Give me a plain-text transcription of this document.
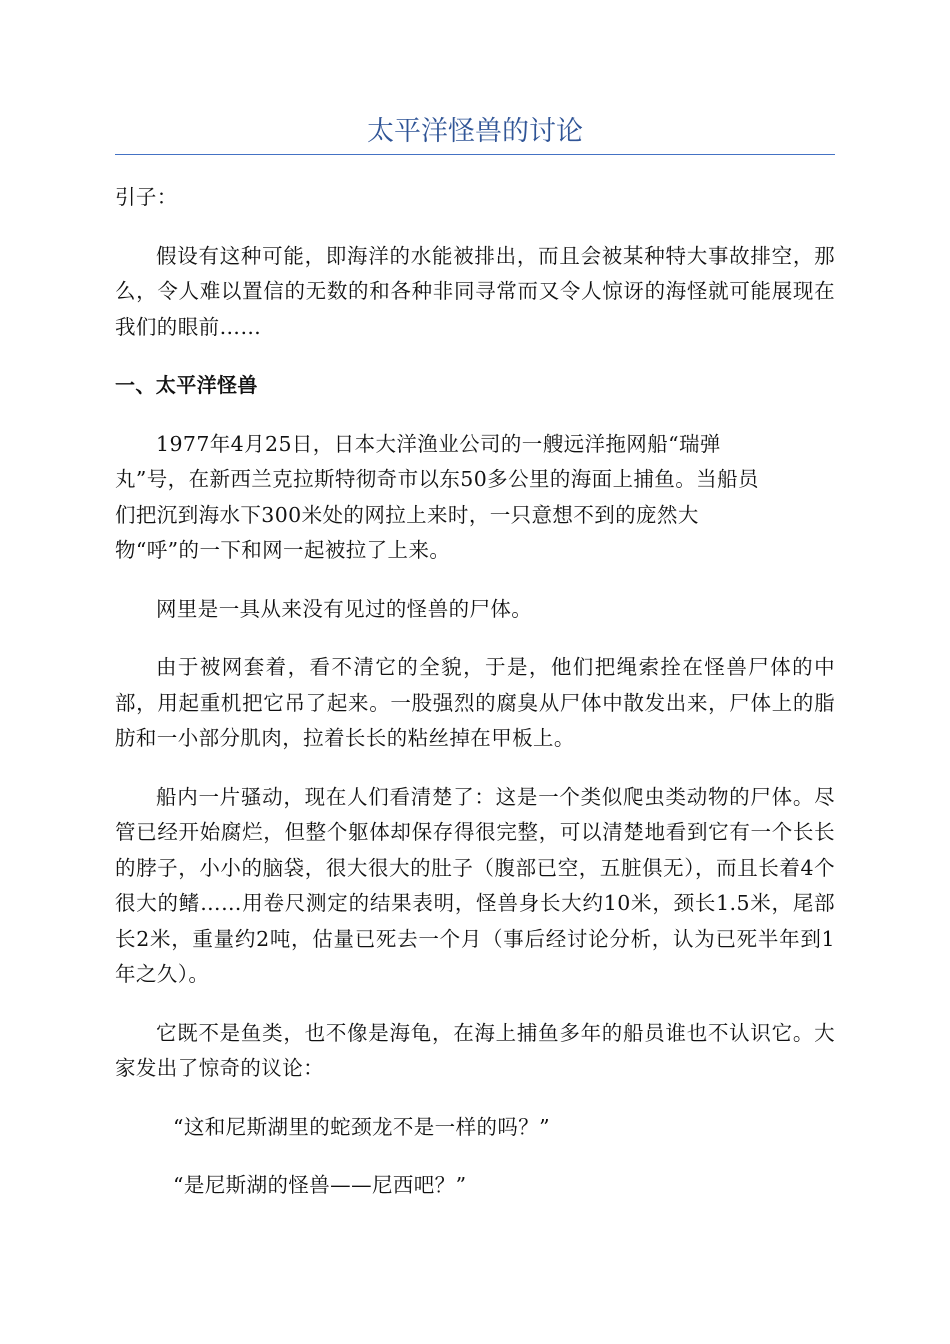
太平洋怪兽的讨论

引子：

假设有这种可能，即海洋的水能被排出，而且会被某种特大事故排空，那么，令人难以置信的无数的和各种非同寻常而又令人惊讶的海怪就可能展现在我们的眼前……

一、太平洋怪兽

1977年4月25日，日本大洋渔业公司的一艘远洋拖网船“瑞弹
丸”号，在新西兰克拉斯特彻奇市以东50多公里的海面上捕鱼。当船员
们把沉到海水下300米处的网拉上来时，一只意想不到的庞然大
物“呼”的一下和网一起被拉了上来。

网里是一具从来没有见过的怪兽的尸体。

由于被网套着，看不清它的全貌，于是，他们把绳索拴在怪兽尸体的中部，用起重机把它吊了起来。一股强烈的腐臭从尸体中散发出来，尸体上的脂肪和一小部分肌肉，拉着长长的粘丝掉在甲板上。

船内一片骚动，现在人们看清楚了：这是一个类似爬虫类动物的尸体。尽管已经开始腐烂，但整个躯体却保存得很完整，可以清楚地看到它有一个长长的脖子，小小的脑袋，很大很大的肚子（腹部已空，五脏俱无），而且长着4个很大的鳍……用卷尺测定的结果表明，怪兽身长大约10米，颈长1.5米，尾部长2米，重量约2吨，估量已死去一个月（事后经讨论分析，认为已死半年到1年之久）。

它既不是鱼类，也不像是海龟，在海上捕鱼多年的船员谁也不认识它。大家发出了惊奇的议论：

“这和尼斯湖里的蛇颈龙不是一样的吗？”

“是尼斯湖的怪兽——尼西吧？”
